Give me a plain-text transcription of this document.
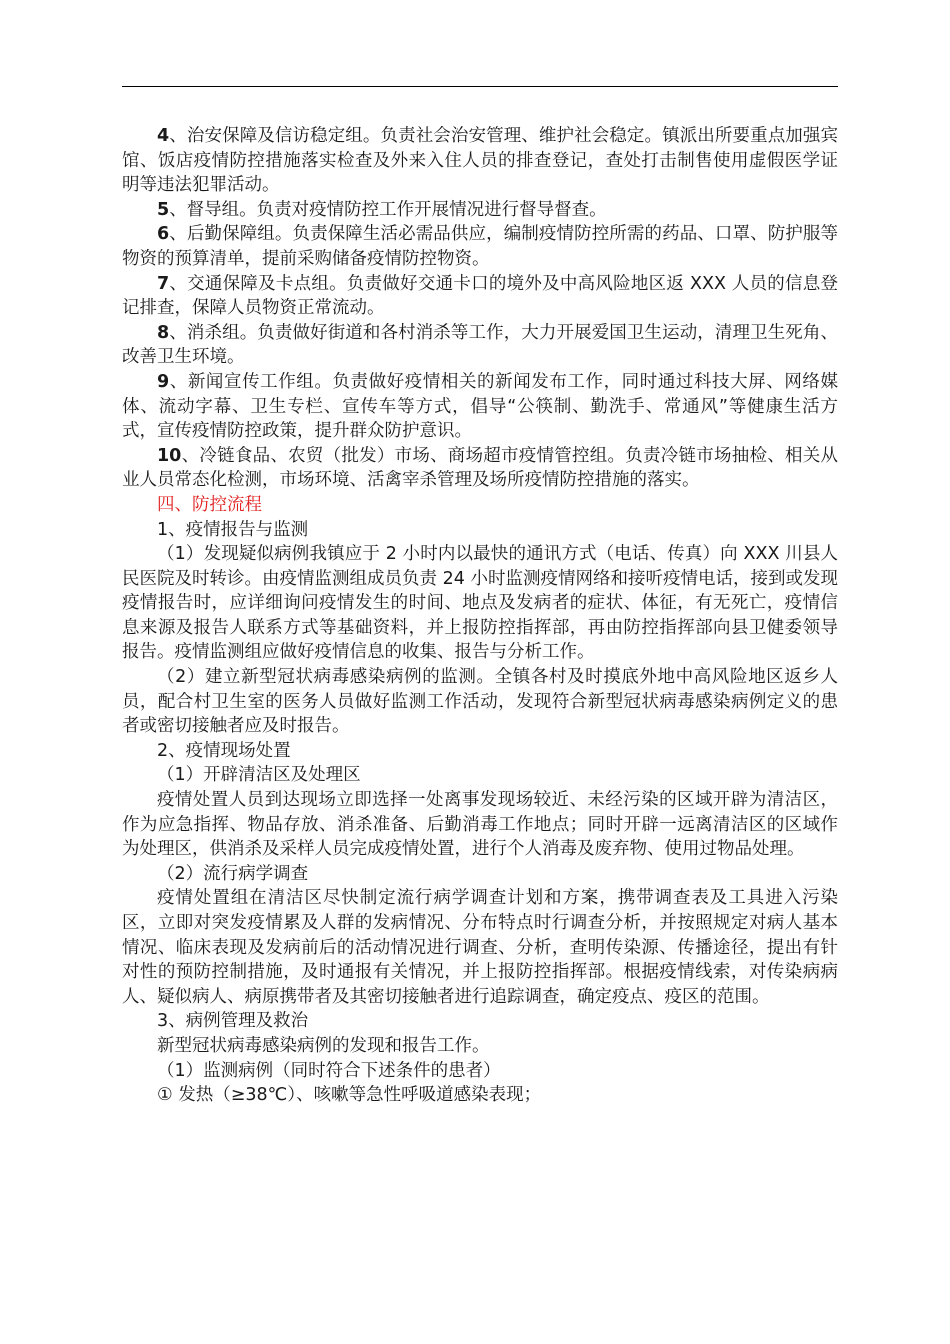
4、治安保障及信访稳定组。负责社会治安管理、维护社会稳定。镇派出所要重点加强宾馆、饭店疫情防控措施落实检查及外来入住人员的排查登记，查处打击制售使用虚假医学证明等违法犯罪活动。

5、督导组。负责对疫情防控工作开展情况进行督导督查。

6、后勤保障组。负责保障生活必需品供应，编制疫情防控所需的药品、口罩、防护服等物资的预算清单，提前采购储备疫情防控物资。

7、交通保障及卡点组。负责做好交通卡口的境外及中高风险地区返 XXX 人员的信息登记排查，保障人员物资正常流动。

8、消杀组。负责做好街道和各村消杀等工作，大力开展爱国卫生运动，清理卫生死角、改善卫生环境。

9、新闻宣传工作组。负责做好疫情相关的新闻发布工作，同时通过科技大屏、网络媒体、流动字幕、卫生专栏、宣传车等方式，倡导“公筷制、勤洗手、常通风”等健康生活方式，宣传疫情防控政策，提升群众防护意识。

10、冷链食品、农贸（批发）市场、商场超市疫情管控组。负责冷链市场抽检、相关从业人员常态化检测，市场环境、活禽宰杀管理及场所疫情防控措施的落实。

四、防控流程

1、疫情报告与监测

（1）发现疑似病例我镇应于 2 小时内以最快的通讯方式（电话、传真）向 XXX 川县人民医院及时转诊。由疫情监测组成员负责 24 小时监测疫情网络和接听疫情电话，接到或发现疫情报告时，应详细询问疫情发生的时间、地点及发病者的症状、体征，有无死亡，疫情信息来源及报告人联系方式等基础资料，并上报防控指挥部，再由防控指挥部向县卫健委领导报告。疫情监测组应做好疫情信息的收集、报告与分析工作。

（2）建立新型冠状病毒感染病例的监测。全镇各村及时摸底外地中高风险地区返乡人员，配合村卫生室的医务人员做好监测工作活动，发现符合新型冠状病毒感染病例定义的患者或密切接触者应及时报告。

2、疫情现场处置

（1）开辟清洁区及处理区

疫情处置人员到达现场立即选择一处离事发现场较近、未经污染的区域开辟为清洁区，作为应急指挥、物品存放、消杀准备、后勤消毒工作地点；同时开辟一远离清洁区的区域作为处理区，供消杀及采样人员完成疫情处置，进行个人消毒及废弃物、使用过物品处理。

（2）流行病学调查

疫情处置组在清洁区尽快制定流行病学调查计划和方案，携带调查表及工具进入污染区，立即对突发疫情累及人群的发病情况、分布特点时行调查分析，并按照规定对病人基本情况、临床表现及发病前后的活动情况进行调查、分析，查明传染源、传播途径，提出有针对性的预防控制措施，及时通报有关情况，并上报防控指挥部。根据疫情线索，对传染病病人、疑似病人、病原携带者及其密切接触者进行追踪调查，确定疫点、疫区的范围。

3、病例管理及救治

新型冠状病毒感染病例的发现和报告工作。

（1）监测病例（同时符合下述条件的患者）

① 发热（≥38℃）、咳嗽等急性呼吸道感染表现；
